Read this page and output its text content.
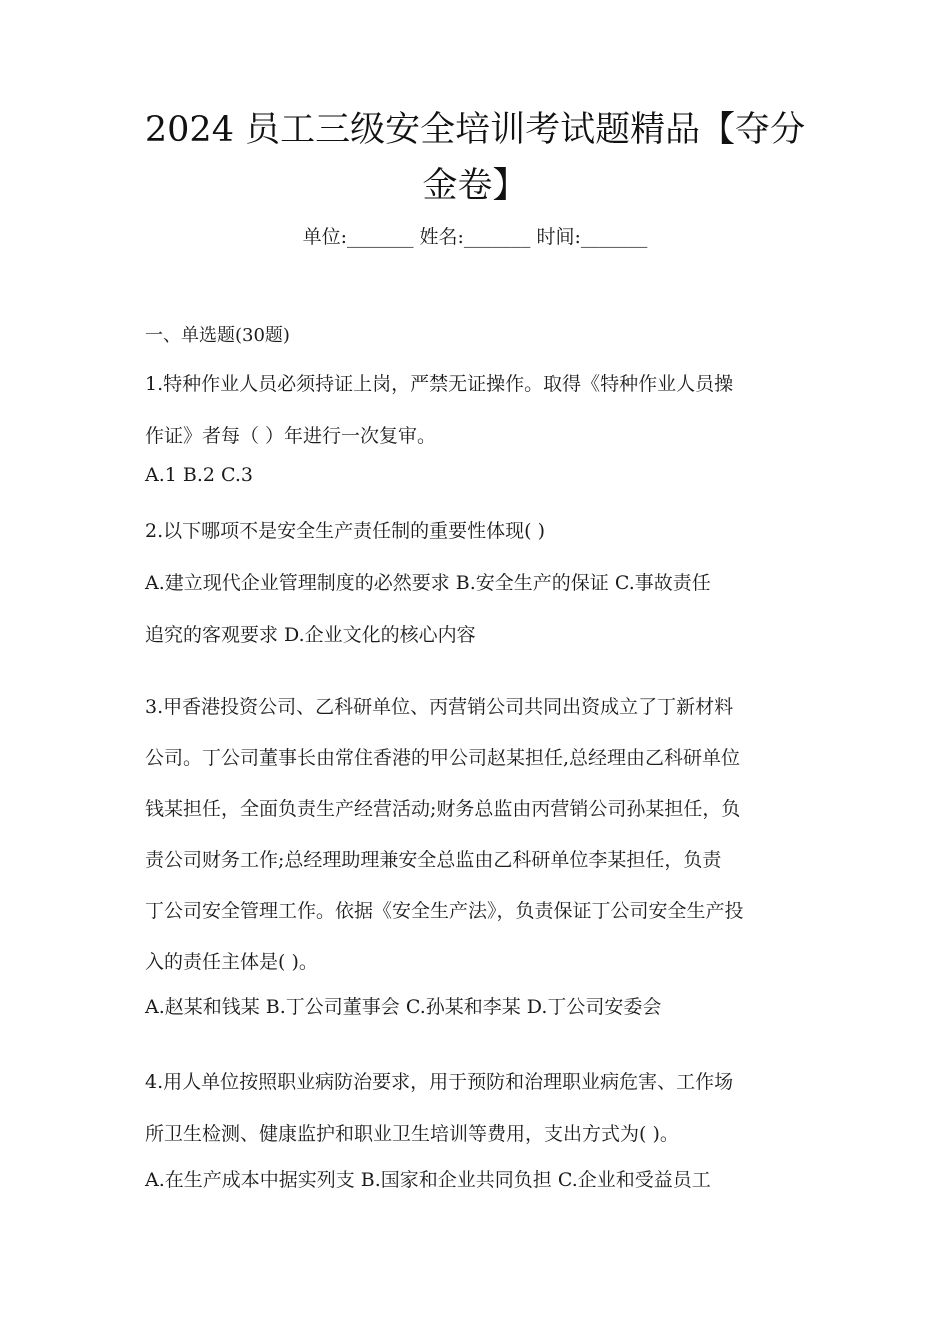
2024 员工三级安全培训考试题精品【夺分
金卷】
单位:_______ 姓名:_______ 时间:_______
一、单选题(30题)
1.特种作业人员必须持证上岗，严禁无证操作。取得《特种作业人员操
作证》者每（ ）年进行一次复审。
A.1 B.2 C.3
2.以下哪项不是安全生产责任制的重要性体现( )
A.建立现代企业管理制度的必然要求 B.安全生产的保证 C.事故责任
追究的客观要求 D.企业文化的核心内容
3.甲香港投资公司、乙科研单位、丙营销公司共同出资成立了丁新材料
公司。丁公司董事长由常住香港的甲公司赵某担任,总经理由乙科研单位
钱某担任，全面负责生产经营活动;财务总监由丙营销公司孙某担任，负
责公司财务工作;总经理助理兼安全总监由乙科研单位李某担任，负责
丁公司安全管理工作。依据《安全生产法》，负责保证丁公司安全生产投
入的责任主体是( )。
A.赵某和钱某 B.丁公司董事会 C.孙某和李某 D.丁公司安委会
4.用人单位按照职业病防治要求，用于预防和治理职业病危害、工作场
所卫生检测、健康监护和职业卫生培训等费用，支出方式为( )。
A.在生产成本中据实列支 B.国家和企业共同负担 C.企业和受益员工
